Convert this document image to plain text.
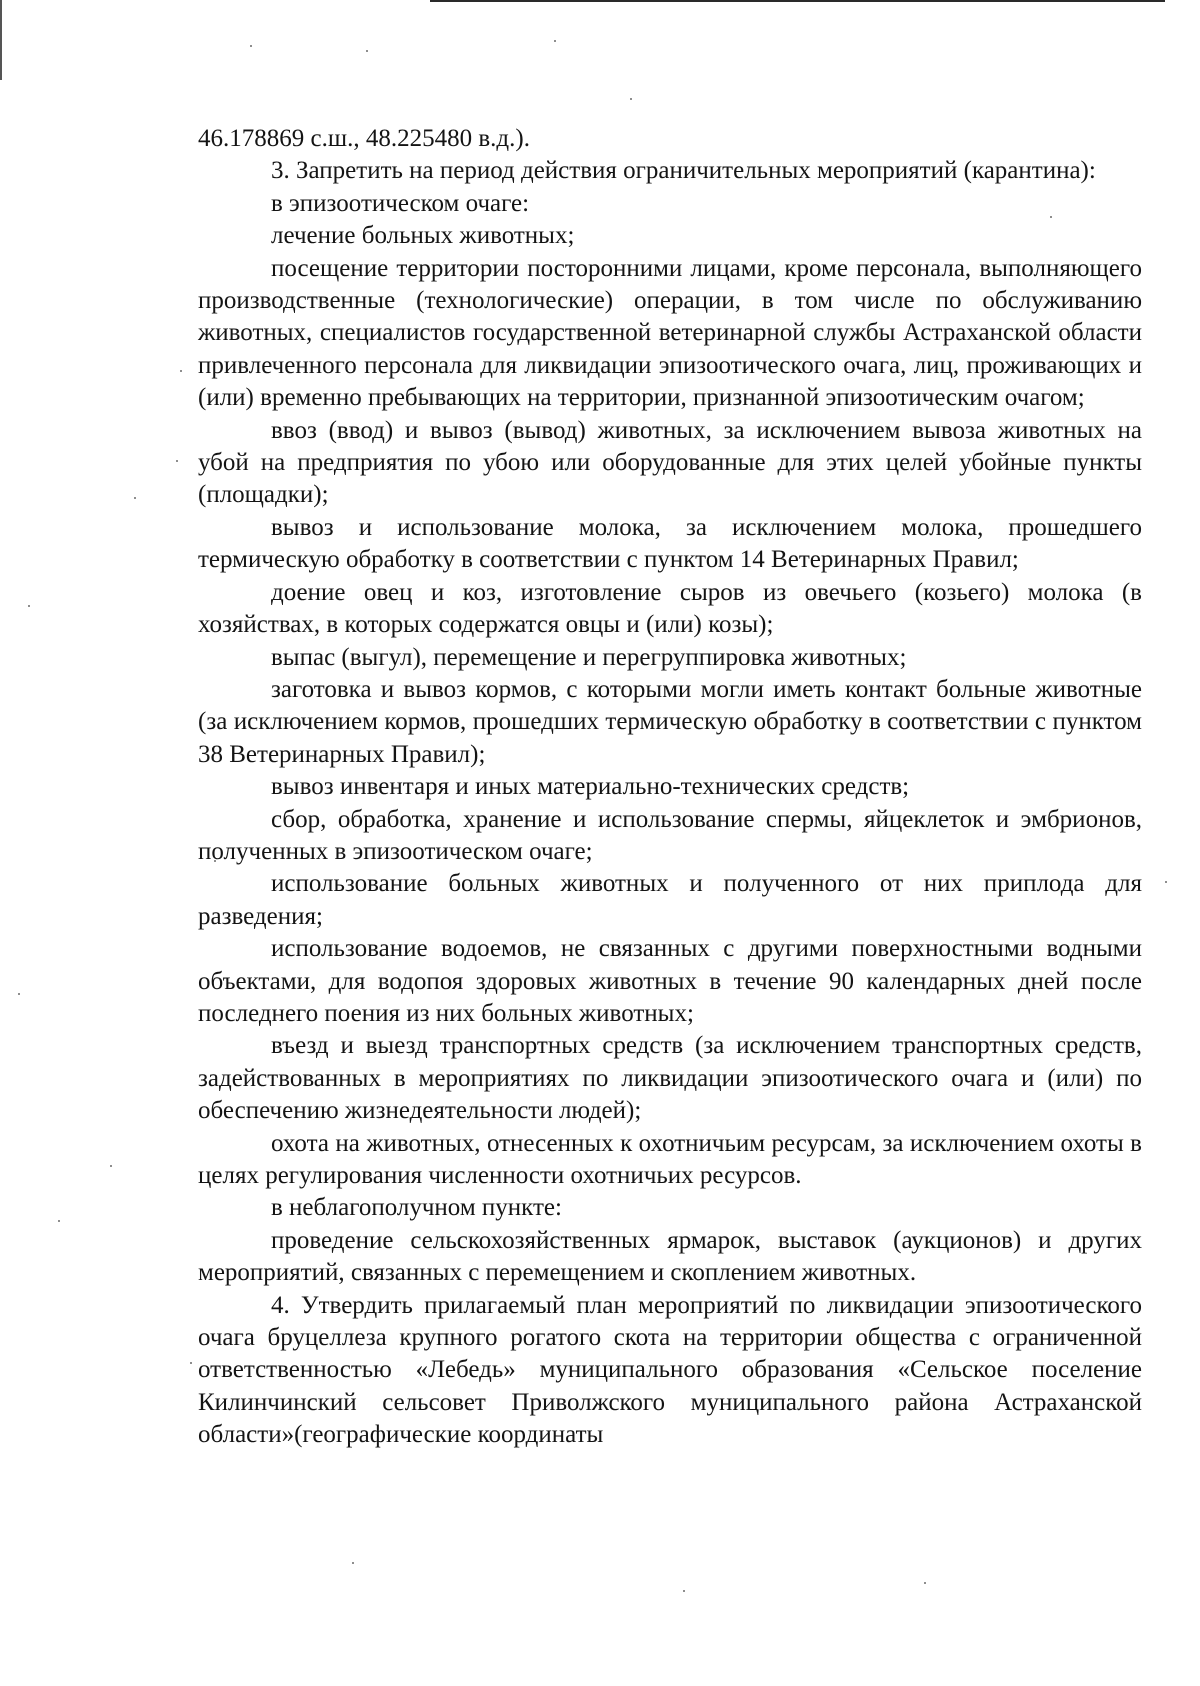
46.178869 с.ш., 48.225480 в.д.).

3. Запретить на период действия ограничительных мероприятий (карантина):

в эпизоотическом очаге:

лечение больных животных;

посещение территории посторонними лицами, кроме персонала, выполняющего производственные (технологические) операции, в том числе по обслуживанию животных, специалистов государственной ветеринарной службы Астраханской области привлеченного персонала для ликвидации эпизоотического очага, лиц, проживающих и (или) временно пребывающих на территории, признанной эпизоотическим очагом;

ввоз (ввод) и вывоз (вывод) животных, за исключением вывоза животных на убой на предприятия по убою или оборудованные для этих целей убойные пункты (площадки);

вывоз и использование молока, за исключением молока, прошедшего термическую обработку в соответствии с пунктом 14 Ветеринарных Правил;

доение овец и коз, изготовление сыров из овечьего (козьего) молока (в хозяйствах, в которых содержатся овцы и (или) козы);

выпас (выгул), перемещение и перегруппировка животных;

заготовка и вывоз кормов, с которыми могли иметь контакт больные животные (за исключением кормов, прошедших термическую обработку в соответствии с пунктом 38 Ветеринарных Правил);

вывоз инвентаря и иных материально-технических средств;

сбор, обработка, хранение и использование спермы, яйцеклеток и эмбрионов, полученных в эпизоотическом очаге;

использование больных животных и полученного от них приплода для разведения;

использование водоемов, не связанных с другими поверхностными водными объектами, для водопоя здоровых животных в течение 90 календарных дней после последнего поения из них больных животных;

въезд и выезд транспортных средств (за исключением транспортных средств, задействованных в мероприятиях по ликвидации эпизоотического очага и (или) по обеспечению жизнедеятельности людей);

охота на животных, отнесенных к охотничьим ресурсам, за исключением охоты в целях регулирования численности охотничьих ресурсов.

в неблагополучном пункте:

проведение сельскохозяйственных ярмарок, выставок (аукционов) и других мероприятий, связанных с перемещением и скоплением животных.

4. Утвердить прилагаемый план мероприятий по ликвидации эпизоотического очага бруцеллеза крупного рогатого скота на территории общества с ограниченной ответственностью «Лебедь» муниципального образования «Сельское поселение Килинчинский сельсовет Приволжского муниципального района Астраханской области»(географические координаты
